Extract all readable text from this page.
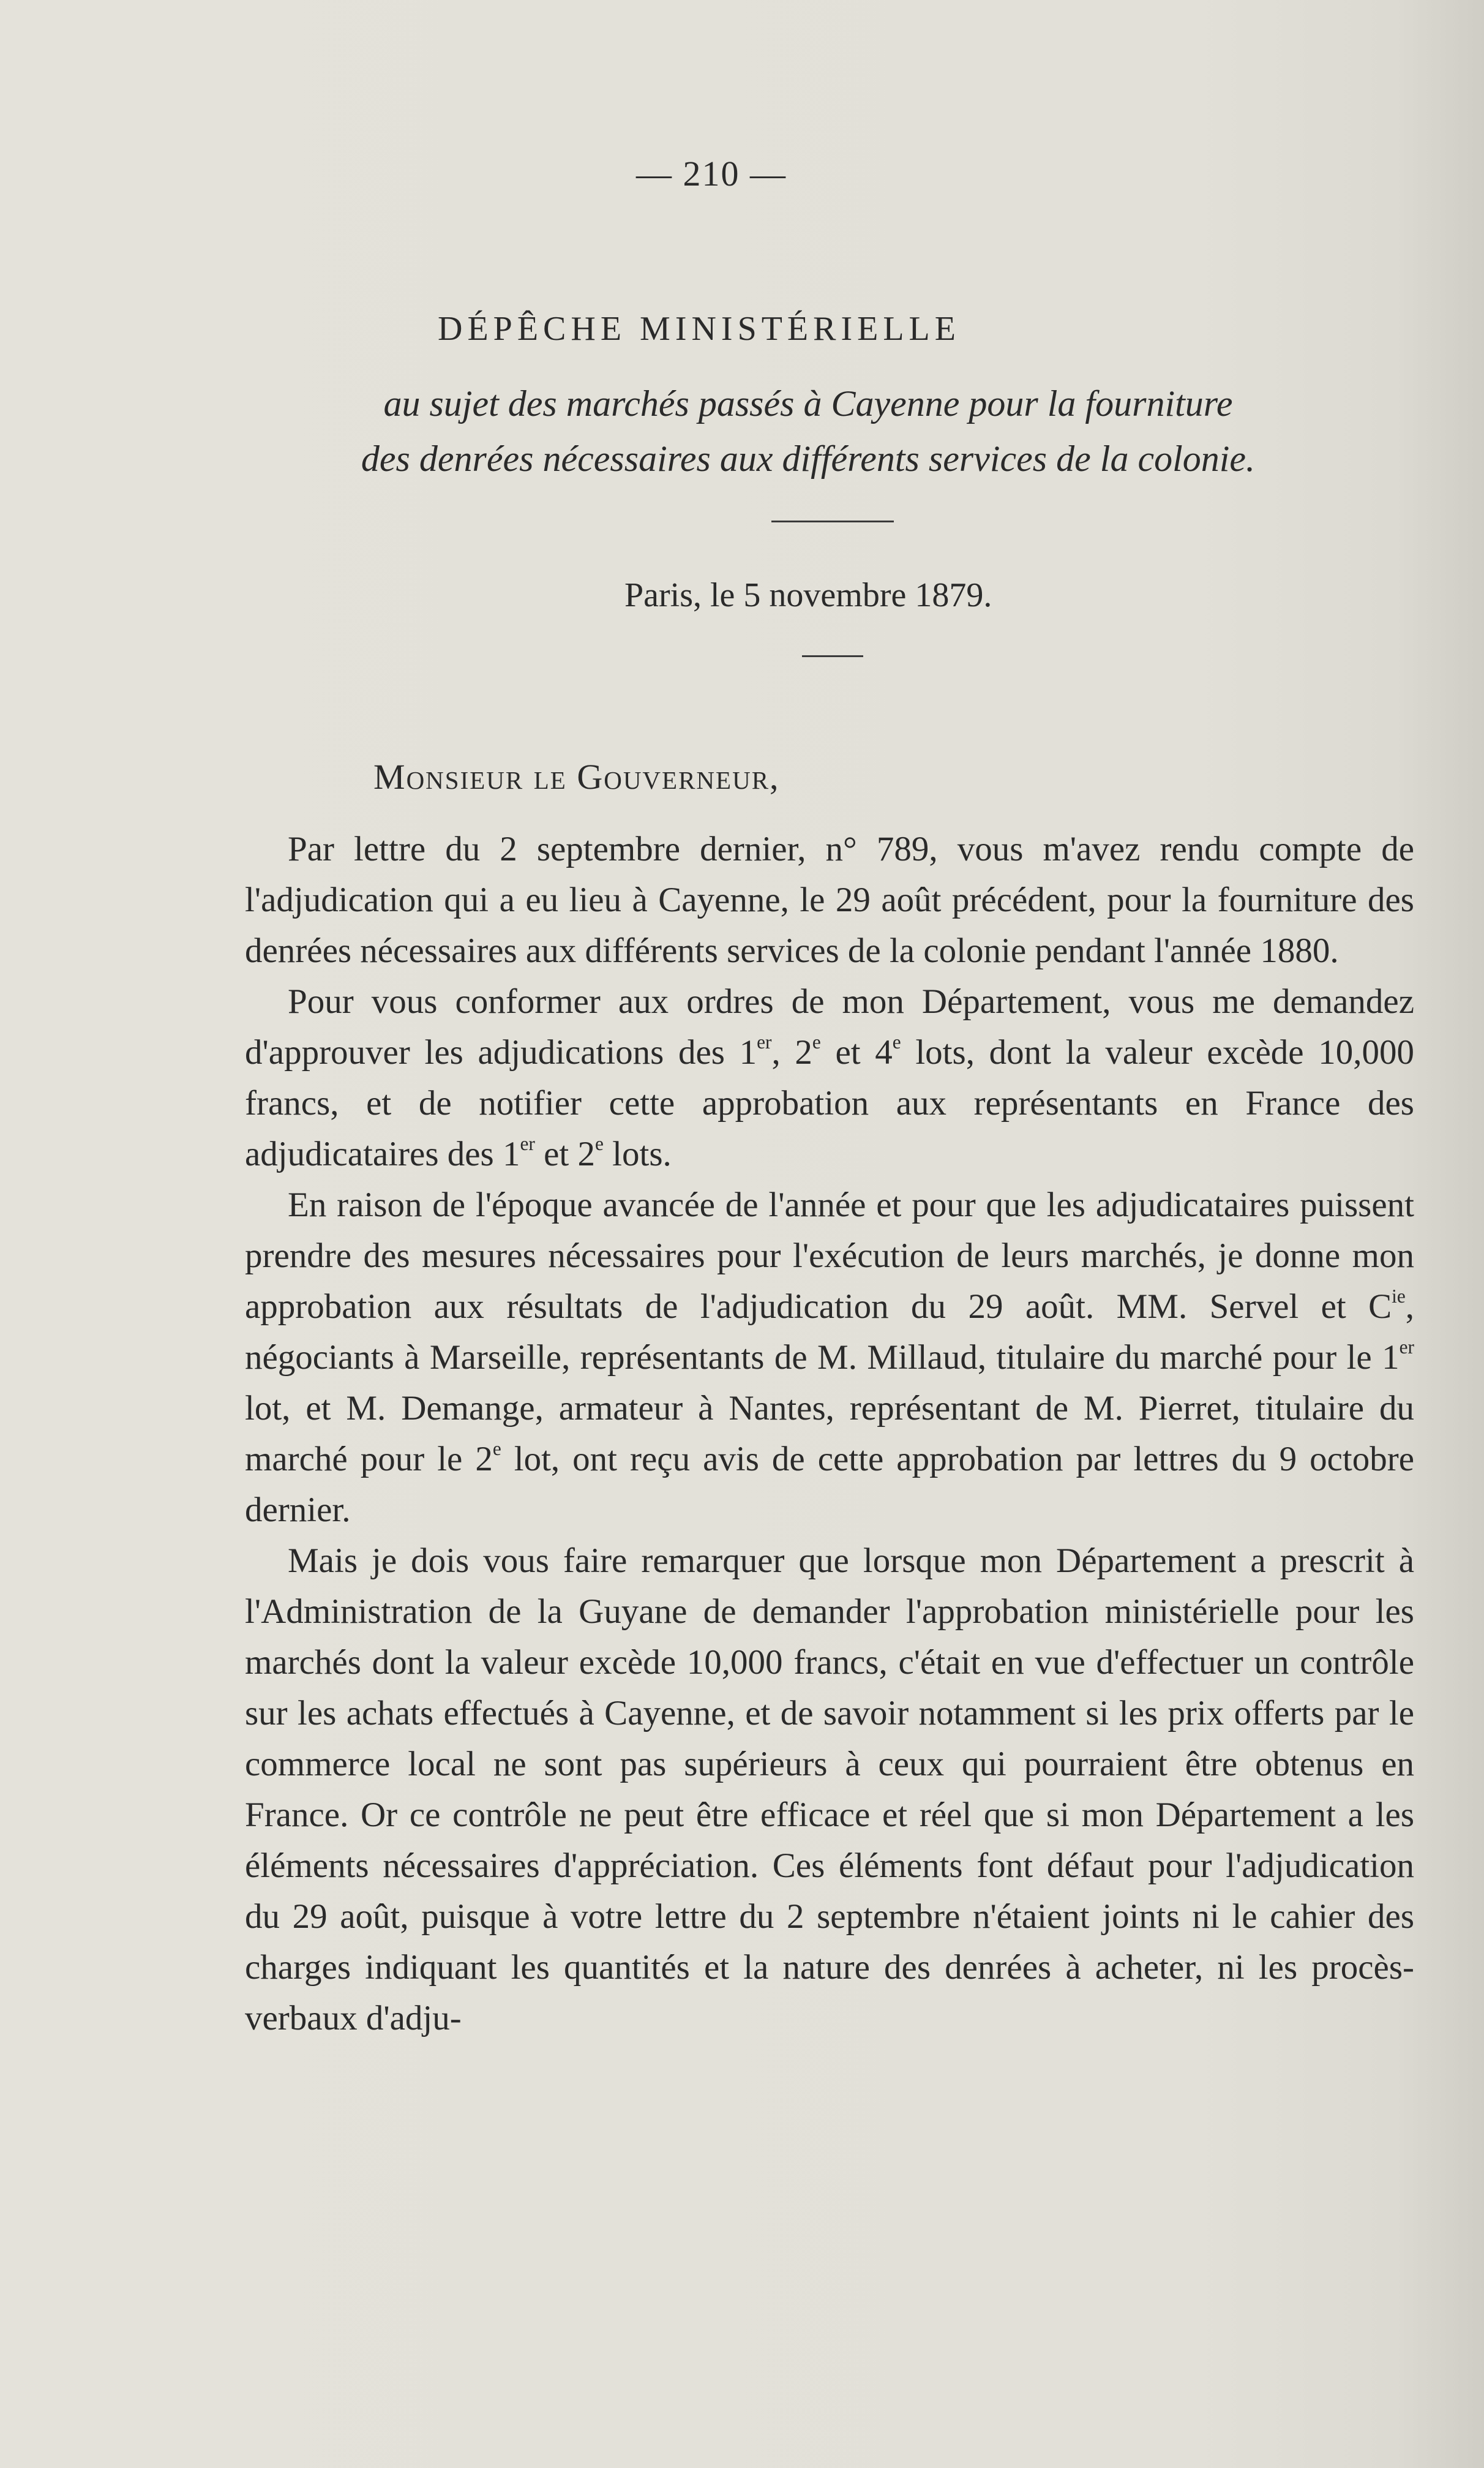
— 210 —
DÉPÊCHE MINISTÉRIELLE
au sujet des marchés passés à Cayenne pour la fourniture
des denrées nécessaires aux différents services de la colonie.
Paris, le 5 novembre 1879.
Monsieur le Gouverneur,

Par lettre du 2 septembre dernier, n° 789, vous m'avez rendu compte de l'adjudication qui a eu lieu à Cayenne, le 29 août précédent, pour la fourniture des denrées nécessaires aux différents services de la colonie pendant l'année 1880.

Pour vous conformer aux ordres de mon Département, vous me demandez d'approuver les adjudications des 1er, 2e et 4e lots, dont la valeur excède 10,000 francs, et de notifier cette approbation aux représentants en France des adjudicataires des 1er et 2e lots.

En raison de l'époque avancée de l'année et pour que les adjudicataires puissent prendre des mesures nécessaires pour l'exécution de leurs marchés, je donne mon approbation aux résultats de l'adjudication du 29 août. MM. Servel et $C^{ie}$, négociants à Marseille, représentants de M. Millaud, titulaire du marché pour le 1er lot, et M. Demange, armateur à Nantes, représentant de M. Pierret, titulaire du marché pour le 2e lot, ont reçu avis de cette approbation par lettres du 9 octobre dernier.

Mais je dois vous faire remarquer que lorsque mon Département a prescrit à l'Administration de la Guyane de demander l'approbation ministérielle pour les marchés dont la valeur excède 10,000 francs, c'était en vue d'effectuer un contrôle sur les achats effectués à Cayenne, et de savoir notamment si les prix offerts par le commerce local ne sont pas supérieurs à ceux qui pourraient être obtenus en France. Or ce contrôle ne peut être efficace et réel que si mon Département a les éléments nécessaires d'appréciation. Ces éléments font défaut pour l'adjudication du 29 août, puisque à votre lettre du 2 septembre n'étaient joints ni le cahier des charges indiquant les quantités et la nature des denrées à acheter, ni les procès-verbaux d'adju-
